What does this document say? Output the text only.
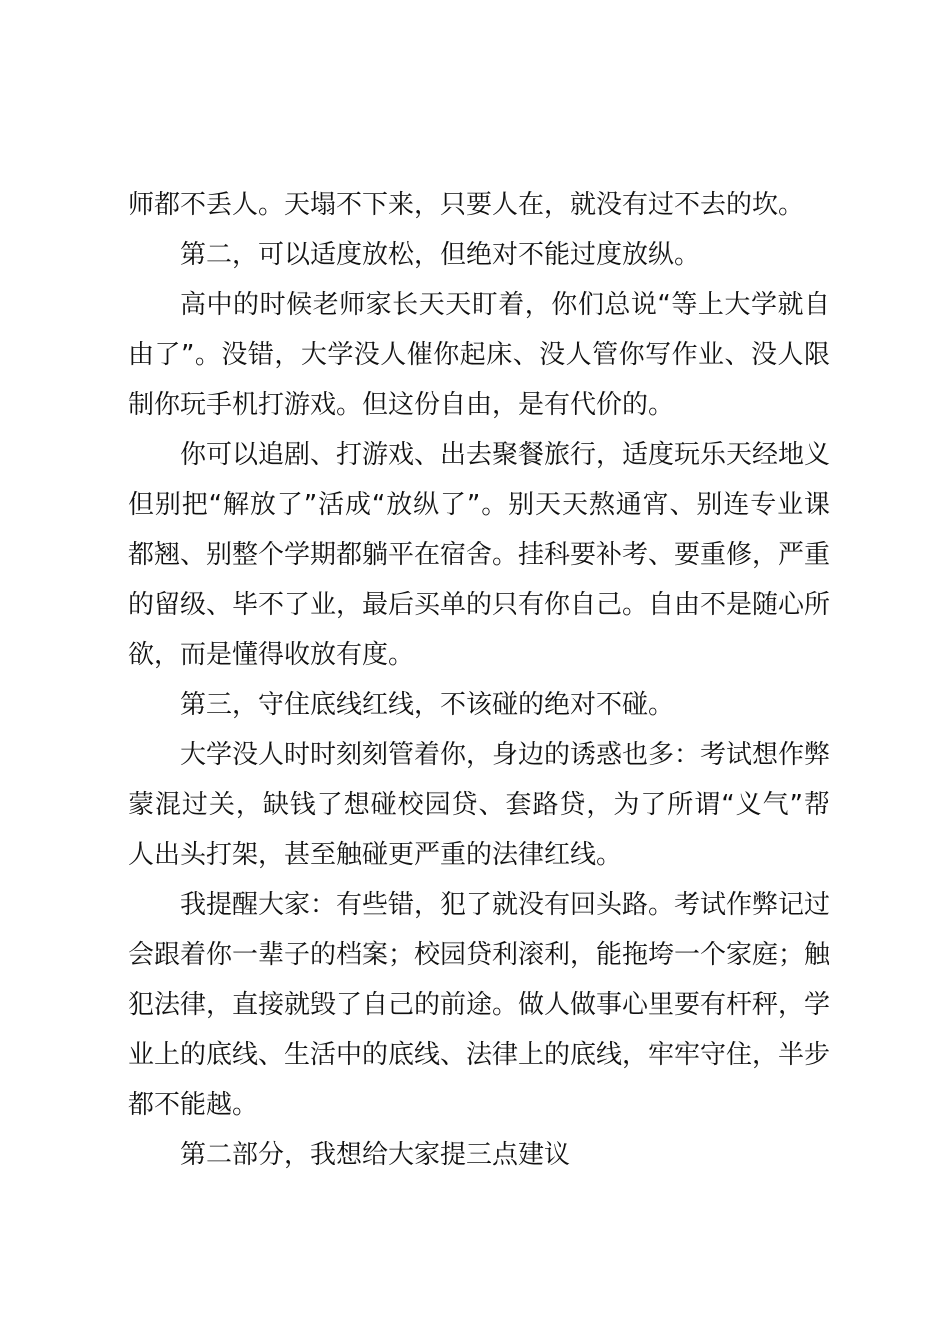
师都不丢人。天塌不下来，只要人在，就没有过不去的坎。

第二，可以适度放松，但绝对不能过度放纵。

高中的时候老师家长天天盯着，你们总说“等上大学就自由了”。没错，大学没人催你起床、没人管你写作业、没人限制你玩手机打游戏。但这份自由，是有代价的。

你可以追剧、打游戏、出去聚餐旅行，适度玩乐天经地义但别把“解放了”活成“放纵了”。别天天熬通宵、别连专业课都翘、别整个学期都躺平在宿舍。挂科要补考、要重修，严重的留级、毕不了业，最后买单的只有你自己。自由不是随心所欲，而是懂得收放有度。

第三，守住底线红线，不该碰的绝对不碰。

大学没人时时刻刻管着你，身边的诱惑也多：考试想作弊蒙混过关，缺钱了想碰校园贷、套路贷，为了所谓“义气”帮人出头打架，甚至触碰更严重的法律红线。

我提醒大家：有些错，犯了就没有回头路。考试作弊记过会跟着你一辈子的档案；校园贷利滚利，能拖垮一个家庭；触犯法律，直接就毁了自己的前途。做人做事心里要有杆秤，学业上的底线、生活中的底线、法律上的底线，牢牢守住，半步都不能越。

第二部分，我想给大家提三点建议
